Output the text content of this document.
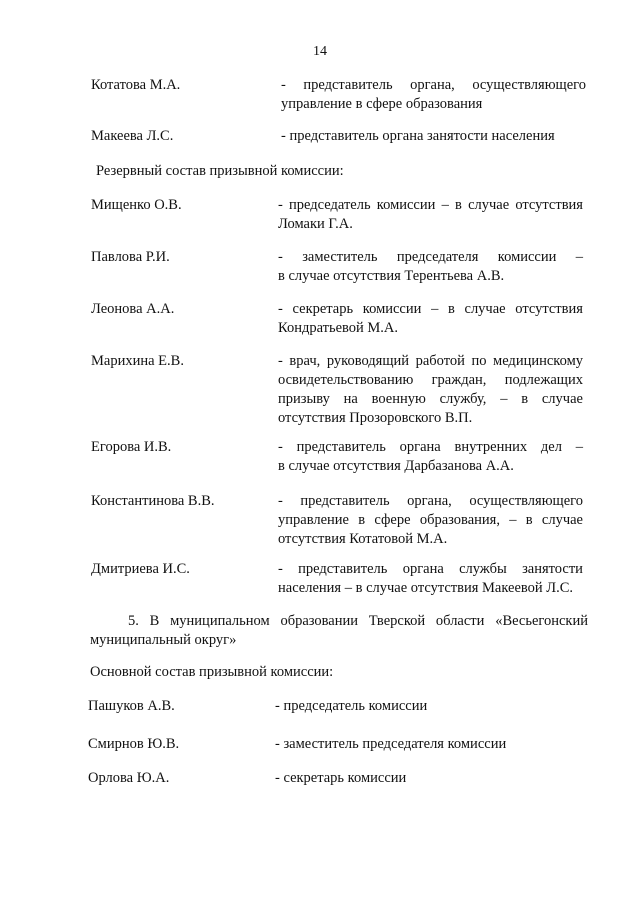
14
Котатова М.А.	- представитель органа, осуществляющего
управление в сфере образования
Макеева Л.С.	- представитель органа занятости населения
Резервный состав призывной комиссии:
Мищенко О.В.	- председатель комиссии – в случае отсутствия
Ломаки Г.А.
Павлова Р.И.	- заместитель председателя комиссии –
в случае отсутствия Терентьева А.В.
Леонова А.А.	- секретарь комиссии – в случае отсутствия
Кондратьевой М.А.
Марихина Е.В.	- врач, руководящий работой по медицинскому
освидетельствованию граждан, подлежащих
призыву на военную службу, – в случае
отсутствия Прозоровского В.П.
Егорова И.В.	- представитель органа внутренних дел –
в случае отсутствия Дарбазанова А.А.
Константинова В.В.	- представитель органа, осуществляющего
управление в сфере образования, – в случае
отсутствия Котатовой М.А.
Дмитриева И.С.	- представитель органа службы занятости
населения – в случае отсутствия Макеевой Л.С.
5. В муниципальном образовании Тверской области «Весьегонский
муниципальный округ»
Основной состав призывной комиссии:
Пашуков А.В.	- председатель комиссии
Смирнов Ю.В.	- заместитель председателя комиссии
Орлова Ю.А.	- секретарь комиссии
